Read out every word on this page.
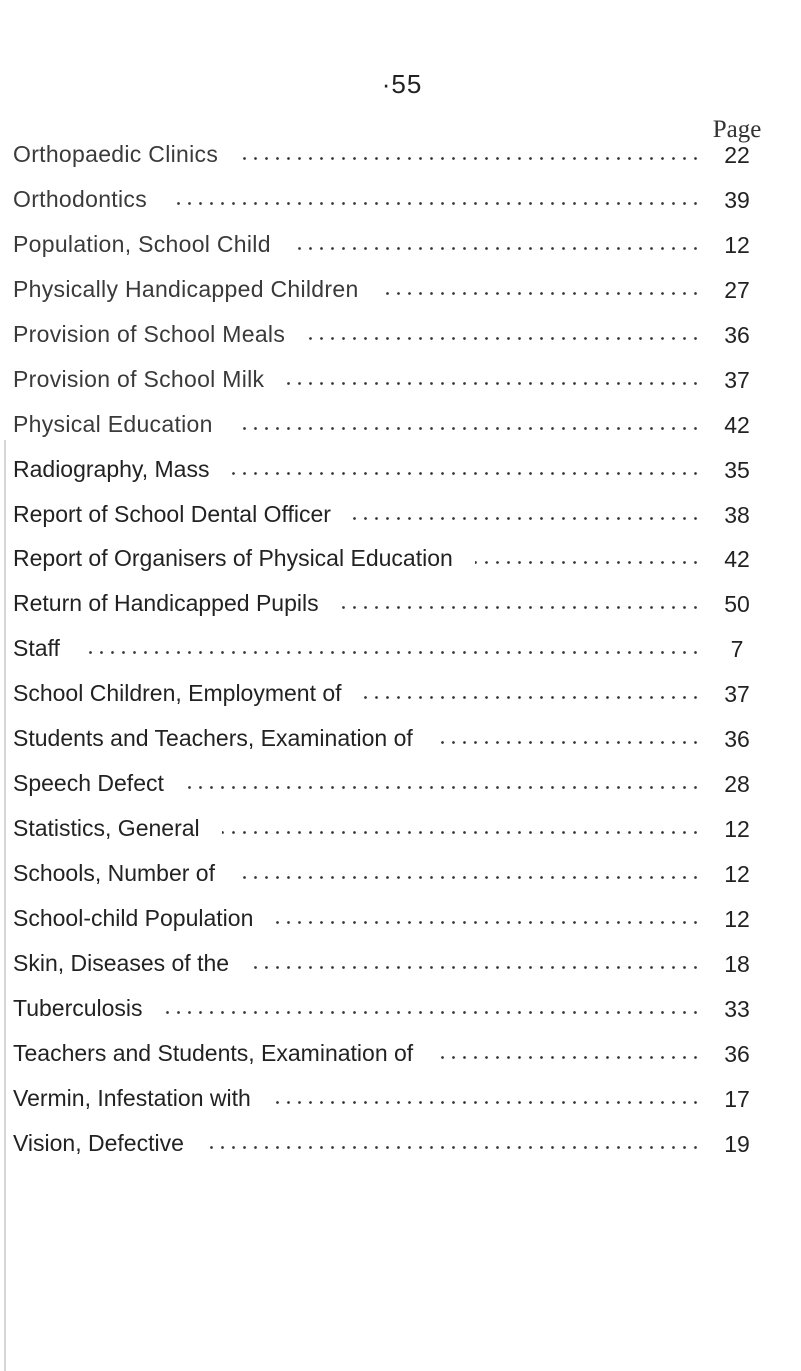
·55
Page
Orthopaedic Clinics	22
Orthodontics	39
Population, School Child	12
Physically Handicapped Children	27
Provision of School Meals	36
Provision of School Milk	37
Physical Education	42
Radiography, Mass	35
Report of School Dental Officer	38
Report of Organisers of Physical Education	42
Return of Handicapped Pupils	50
Staff	7
School Children, Employment of	37
Students and Teachers, Examination of	36
Speech Defect	28
Statistics, General	12
Schools, Number of	12
School-child Population	12
Skin, Diseases of the	18
Tuberculosis	33
Teachers and Students, Examination of	36
Vermin, Infestation with	17
Vision, Defective	19
